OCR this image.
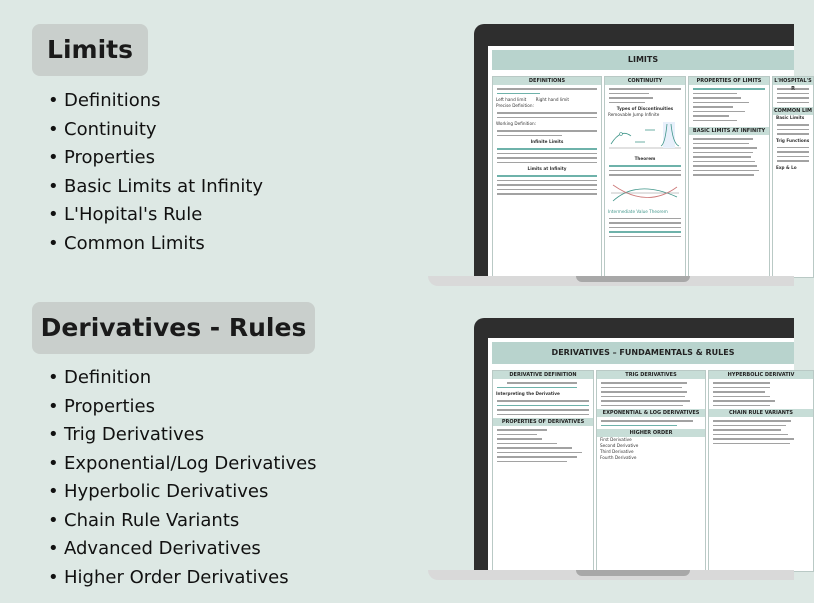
Limits
• Definitions
• Continuity
• Properties
• Basic Limits at Infinity
• L'Hopital's Rule
• Common Limits
Derivatives - Rules
• Definition
• Properties
• Trig Derivatives
• Exponential/Log Derivatives
• Hyperbolic Derivatives
• Chain Rule Variants
• Advanced Derivatives
• Higher Order Derivatives
LIMITS
DEFINITIONS
Left hand limit Right hand limit
Precise Definition:
Working Definition:
Infinite Limits
Limits at Infinity
CONTINUITY
Types of Discontinuities
Removable Jump Infinite
Theorem
Intermediate Value Theorem
PROPERTIES OF LIMITS
BASIC LIMITS AT INFINITY
L'HOSPITAL'S
COMMON LIM
Basic Limits
Trig Functions
Exp & Lo
DERIVATIVES – FUNDAMENTALS & RULES
DERIVATIVE DEFINITION
Interpreting the Derivative
PROPERTIES OF DERIVATIVES
TRIG DERIVATIVES
EXPONENTIAL & LOG DERIVATIVES
HIGHER ORDER
First Derivative
Second Derivative
Third Derivative
Fourth Derivative
HYPERBOLIC DERIVATIV
CHAIN RULE VARIANTS
